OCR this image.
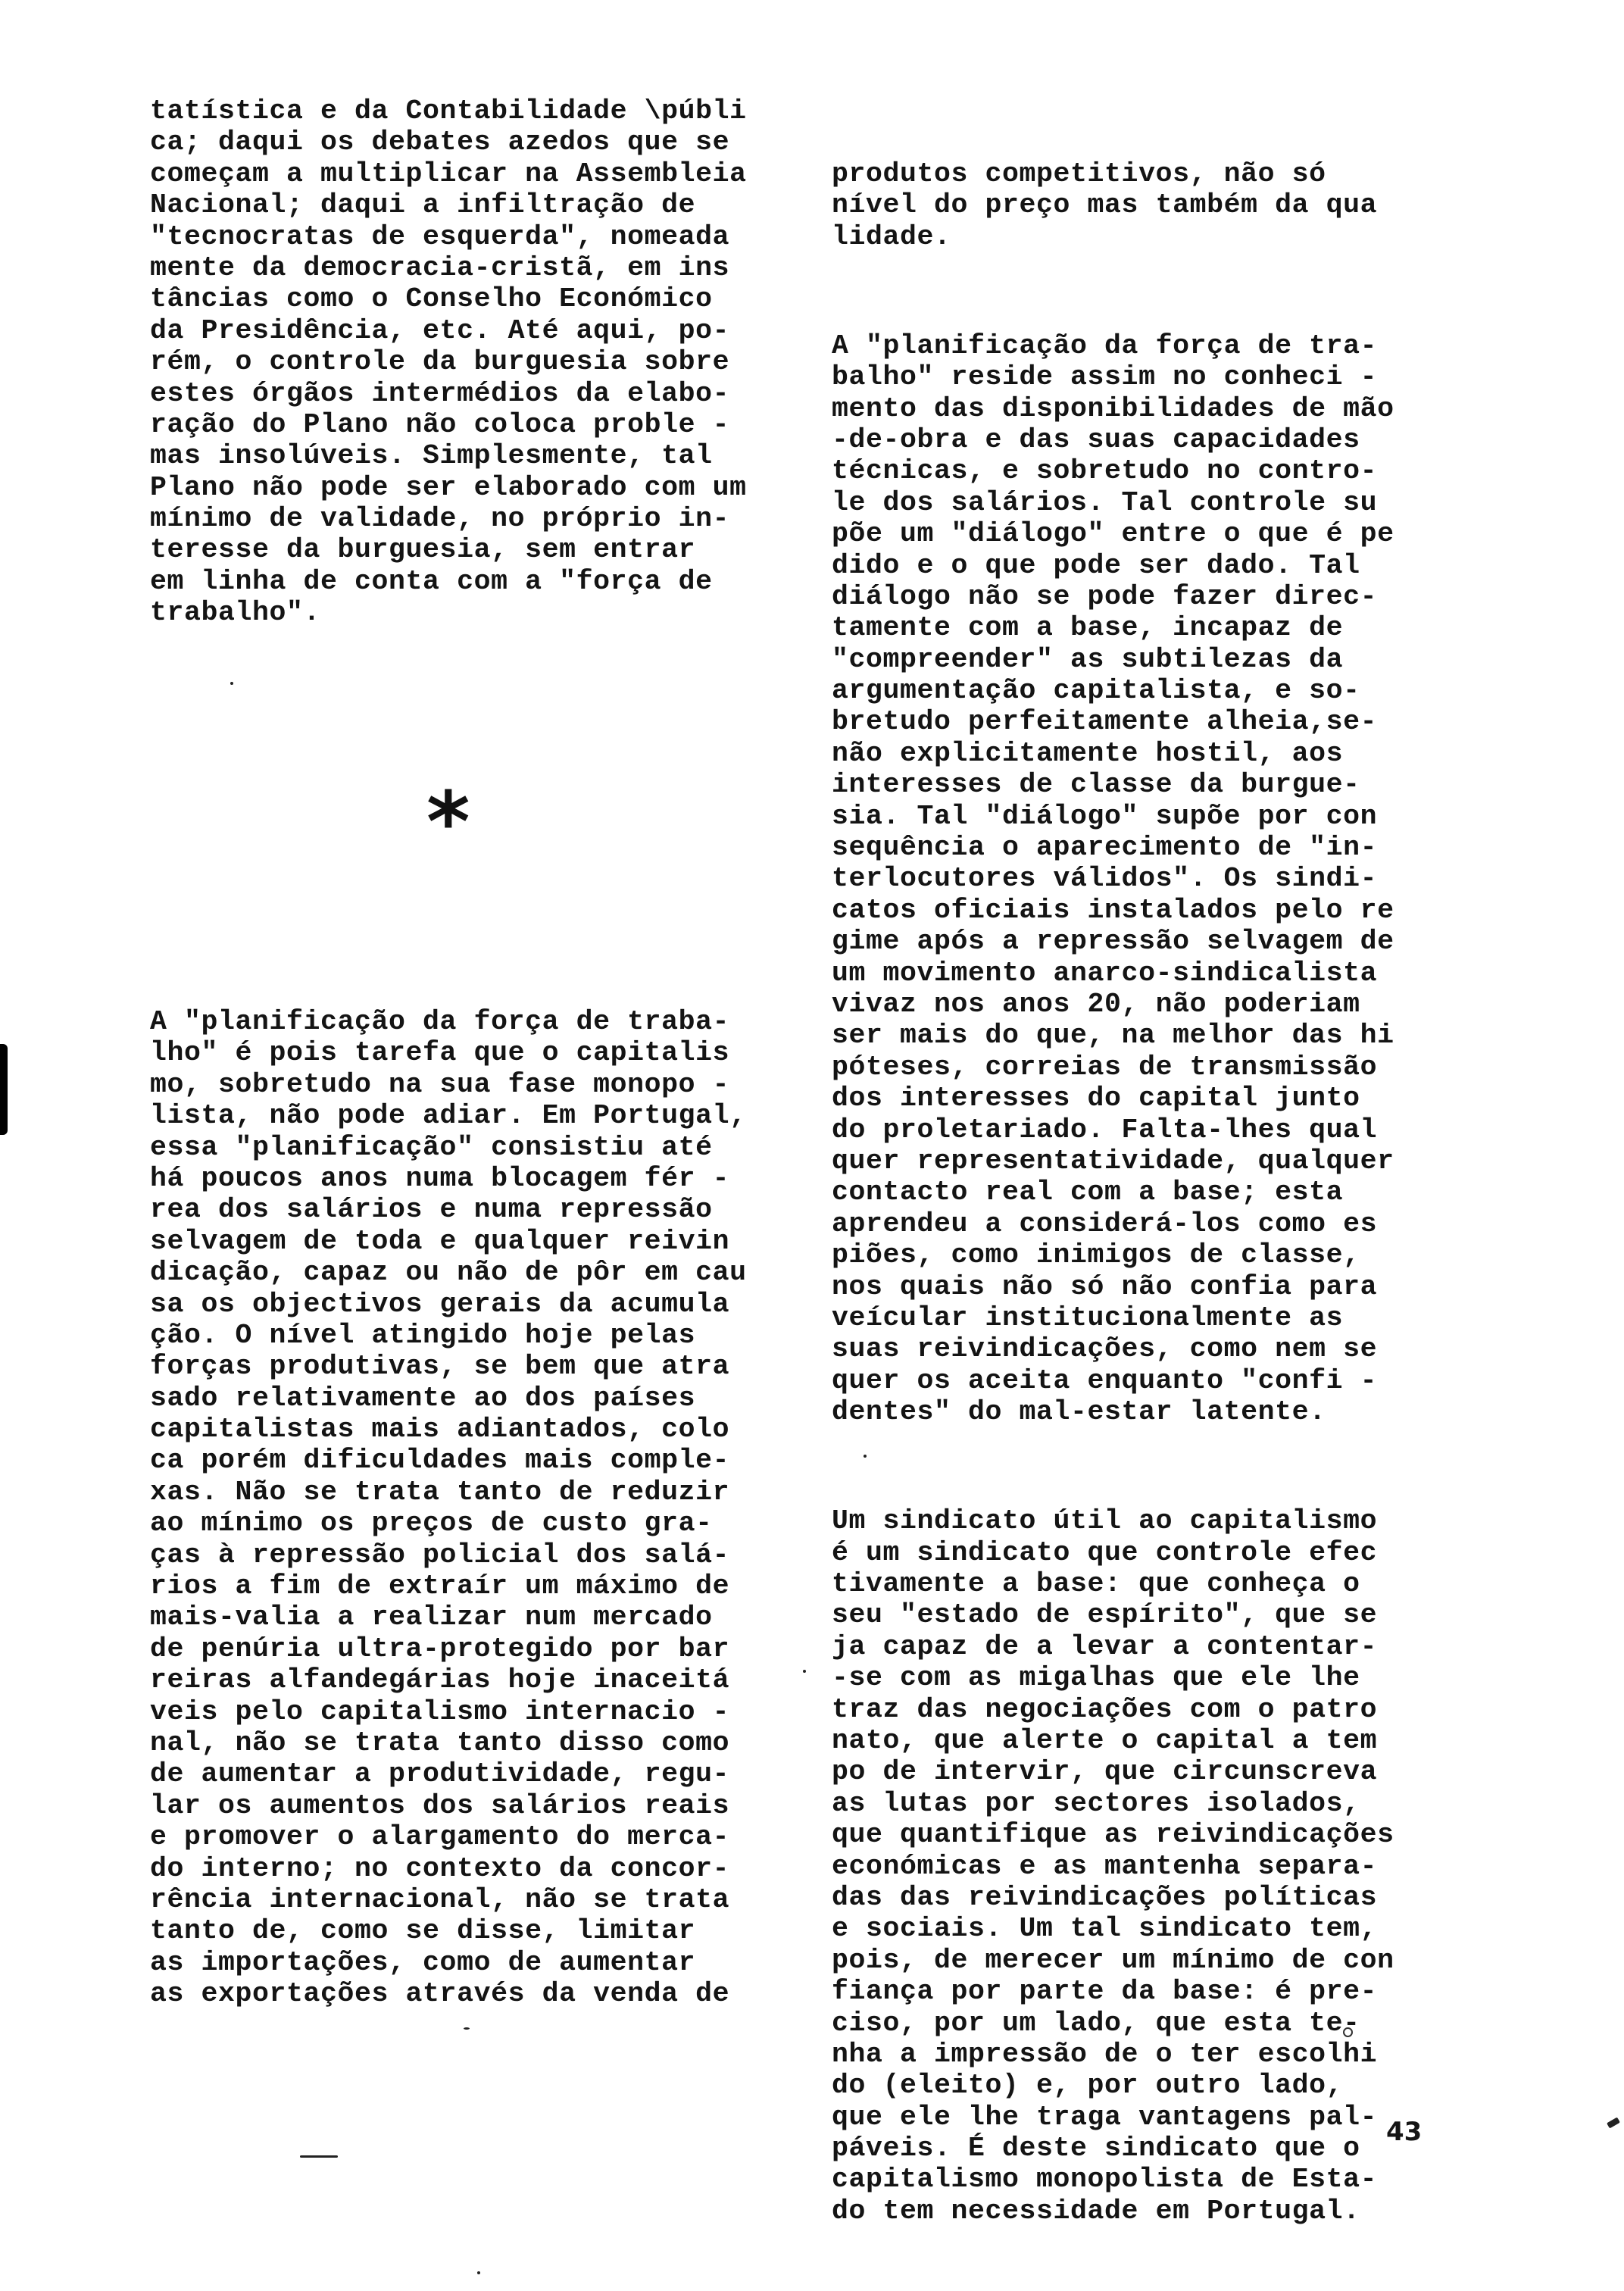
tatística e da Contabilidade \públi
ca; daqui os debates azedos que se
começam a multiplicar na Assembleia
Nacional; daqui a infiltração de
"tecnocratas de esquerda", nomeada
mente da democracia-cristã, em ins
tâncias como o Conselho Económico
da Presidência, etc. Até aqui, po-
rém, o controle da burguesia sobre
estes órgãos intermédios da elabo-
ração do Plano não coloca proble -
mas insolúveis. Simplesmente, tal
Plano não pode ser elaborado com um
mínimo de validade, no próprio in-
teresse da burguesia, sem entrar
em linha de conta com a "força de
trabalho".
*
A "planificação da força de traba-
lho" é pois tarefa que o capitalis
mo, sobretudo na sua fase monopo -
lista, não pode adiar. Em Portugal,
essa "planificação" consistiu até
há poucos anos numa blocagem fér -
rea dos salários e numa repressão
selvagem de toda e qualquer reivin
dicação, capaz ou não de pôr em cau
sa os objectivos gerais da acumula
ção. O nível atingido hoje pelas
forças produtivas, se bem que atra
sado relativamente ao dos países
capitalistas mais adiantados, colo
ca porém dificuldades mais comple-
xas. Não se trata tanto de reduzir
ao mínimo os preços de custo gra-
ças à repressão policial dos salá-
rios a fim de extraír um máximo de
mais-valia a realizar num mercado
de penúria ultra-protegido por bar
reiras alfandegárias hoje inaceitá
veis pelo capitalismo internacio -
nal, não se trata tanto disso como
de aumentar a produtividade, regu-
lar os aumentos dos salários reais
e promover o alargamento do merca-
do interno; no contexto da concor-
rência internacional, não se trata
tanto de, como se disse, limitar
as importações, como de aumentar
as exportações através da venda de

produtos competitivos, não só
nível do preço mas também da qua
lidade.

A "planificação da força de tra-
balho" reside assim no conheci -
mento das disponibilidades de mão
-de-obra e das suas capacidades
técnicas, e sobretudo no contro-
le dos salários. Tal controle su
põe um "diálogo" entre o que é pe
dido e o que pode ser dado. Tal
diálogo não se pode fazer direc-
tamente com a base, incapaz de
"compreender" as subtilezas da
argumentação capitalista, e so-
bretudo perfeitamente alheia,se-
não explicitamente hostil, aos
interesses de classe da burgue-
sia. Tal "diálogo" supõe por con
sequência o aparecimento de "in-
terlocutores válidos". Os sindi-
catos oficiais instalados pelo re
gime após a repressão selvagem de
um movimento anarco-sindicalista
vivaz nos anos 20, não poderiam
ser mais do que, na melhor das hi
póteses, correias de transmissão
dos interesses do capital junto
do proletariado. Falta-lhes qual
quer representatividade, qualquer
contacto real com a base; esta
aprendeu a considerá-los como es
piões, como inimigos de classe,
nos quais não só não confia para
veícular institucionalmente as
suas reivindicações, como nem se
quer os aceita enquanto "confi -
dentes" do mal-estar latente.

Um sindicato útil ao capitalismo
é um sindicato que controle efec
tivamente a base: que conheça o
seu "estado de espírito", que se
ja capaz de a levar a contentar-
-se com as migalhas que ele lhe
traz das negociações com o patro
nato, que alerte o capital a tem
po de intervir, que circunscreva
as lutas por sectores isolados,
que quantifique as reivindicações
económicas e as mantenha separa-
das das reivindicações políticas
e sociais. Um tal sindicato tem,
pois, de merecer um mínimo de con
fiança por parte da base: é pre-
ciso, por um lado, que esta te-
nha a impressão de o ter escolhi
do (eleito) e, por outro lado,
que ele lhe traga vantagens pal-
páveis. É deste sindicato que o
capitalismo monopolista de Esta-
do tem necessidade em Portugal.

43
